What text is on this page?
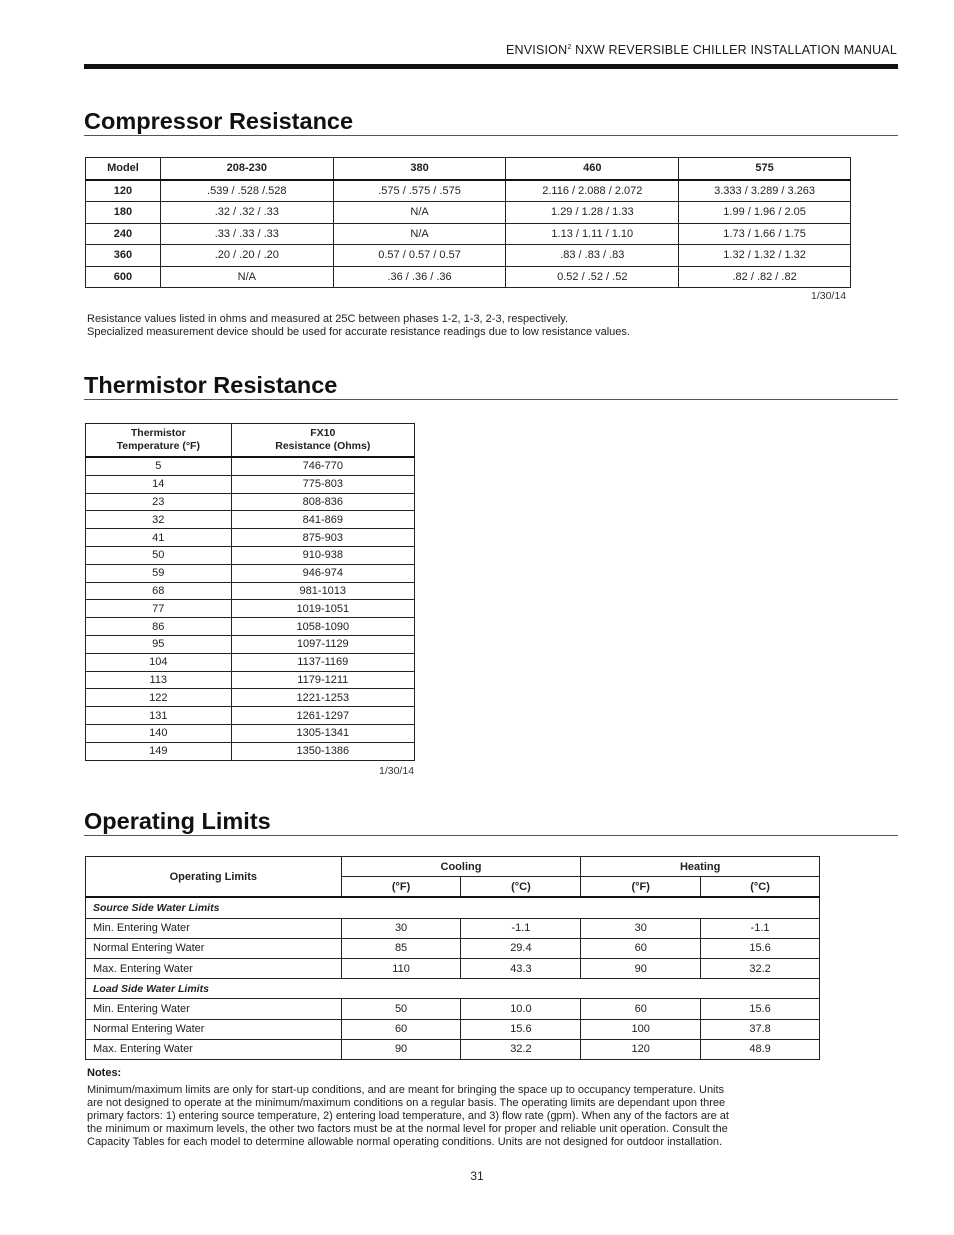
ENVISION$^2$ NXW REVERSIBLE CHILLER INSTALLATION MANUAL
Compressor Resistance
Model	208-230	380	460	575
120	.539 / .528 /.528	.575 / .575 / .575	2.116 / 2.088 / 2.072	3.333 / 3.289 / 3.263
180	.32 / .32 / .33	N/A	1.29 / 1.28 / 1.33	1.99 / 1.96 / 2.05
240	.33 / .33 / .33	N/A	1.13 / 1.11 / 1.10	1.73 / 1.66 / 1.75
360	.20 / .20 / .20	0.57 / 0.57 / 0.57	.83 / .83 / .83	1.32 / 1.32 / 1.32
600	N/A	.36 / .36 / .36	0.52 / .52 / .52	.82 / .82 / .82
1/30/14
Resistance values listed in ohms and measured at 25C between phases 1-2, 1-3, 2-3, respectively.
Specialized measurement device should be used for accurate resistance readings due to low resistance values.
Thermistor Resistance
Thermistor
Temperature (°F)	FX10
Resistance (Ohms)
5	746-770
14	775-803
23	808-836
32	841-869
41	875-903
50	910-938
59	946-974
68	981-1013
77	1019-1051
86	1058-1090
95	1097-1129
104	1137-1169
113	1179-1211
122	1221-1253
131	1261-1297
140	1305-1341
149	1350-1386
1/30/14
Operating Limits
Operating Limits	Cooling		Heating	
	(°F)	(°C)	(°F)	(°C)
Source Side Water Limits				
Min. Entering Water	30	-1.1	30	-1.1
Normal Entering Water	85	29.4	60	15.6
Max. Entering Water	110	43.3	90	32.2
Load Side Water Limits				
Min. Entering Water	50	10.0	60	15.6
Normal Entering Water	60	15.6	100	37.8
Max. Entering Water	90	32.2	120	48.9
Notes:
Minimum/maximum limits are only for start-up conditions, and are meant for bringing the space up to occupancy temperature. Units
are not designed to operate at the minimum/maximum conditions on a regular basis. The operating limits are dependant upon three
primary factors: 1) entering source temperature, 2) entering load temperature, and 3) flow rate (gpm). When any of the factors are at
the minimum or maximum levels, the other two factors must be at the normal level for proper and reliable unit operation. Consult the
Capacity Tables for each model to determine allowable normal operating conditions. Units are not designed for outdoor installation.
31
